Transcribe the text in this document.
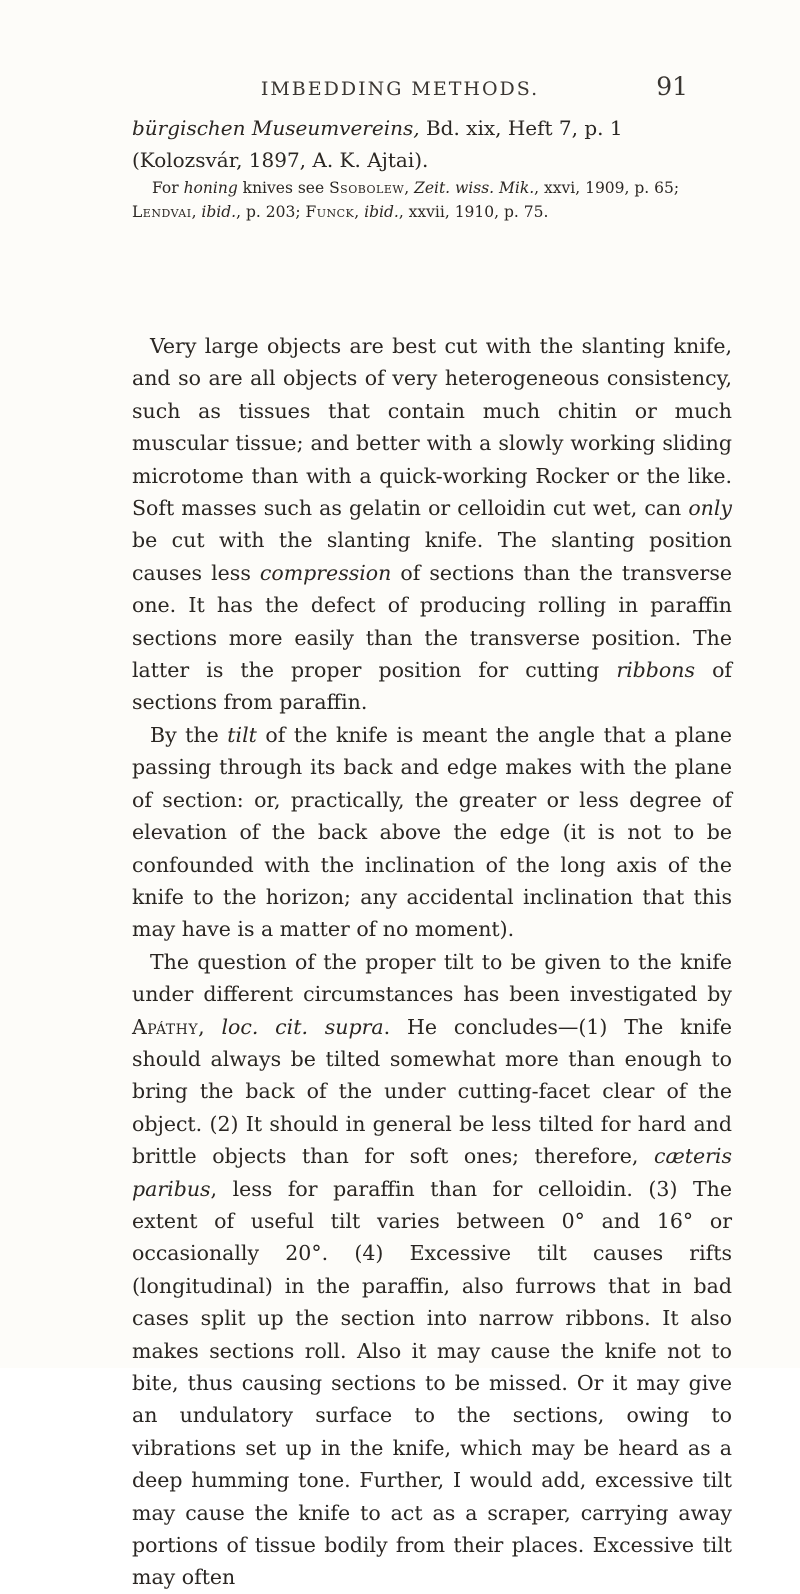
IMBEDDING METHODS.	91

bürgischen Museumvereins, Bd. xix, Heft 7, p. 1 (Kolozsvár, 1897, A. K. Ajtai).

For honing knives see Ssobolew, Zeit. wiss. Mik., xxvi, 1909, p. 65; Lendvai, ibid., p. 203; Funck, ibid., xxvii, 1910, p. 75.

Very large objects are best cut with the slanting knife, and so are all objects of very heterogeneous consistency, such as tissues that contain much chitin or much muscular tissue; and better with a slowly working sliding microtome than with a quick-working Rocker or the like. Soft masses such as gelatin or celloidin cut wet, can only be cut with the slanting knife. The slanting position causes less compression of sections than the transverse one. It has the defect of producing rolling in paraffin sections more easily than the transverse position. The latter is the proper position for cutting ribbons of sections from paraffin.

By the tilt of the knife is meant the angle that a plane passing through its back and edge makes with the plane of section: or, practically, the greater or less degree of elevation of the back above the edge (it is not to be confounded with the inclination of the long axis of the knife to the horizon; any accidental inclination that this may have is a matter of no moment).

The question of the proper tilt to be given to the knife under different circumstances has been investigated by Apáthy, loc. cit. supra. He concludes—(1) The knife should always be tilted somewhat more than enough to bring the back of the under cutting-facet clear of the object. (2) It should in general be less tilted for hard and brittle objects than for soft ones; therefore, cæteris paribus, less for paraffin than for celloidin. (3) The extent of useful tilt varies between 0° and 16° or occasionally 20°. (4) Excessive tilt causes rifts (longitudinal) in the paraffin, also furrows that in bad cases split up the section into narrow ribbons. It also makes sections roll. Also it may cause the knife not to bite, thus causing sections to be missed. Or it may give an undulatory surface to the sections, owing to vibrations set up in the knife, which may be heard as a deep humming tone. Further, I would add, excessive tilt may cause the knife to act as a scraper, carrying away portions of tissue bodily from their places. Excessive tilt may often
